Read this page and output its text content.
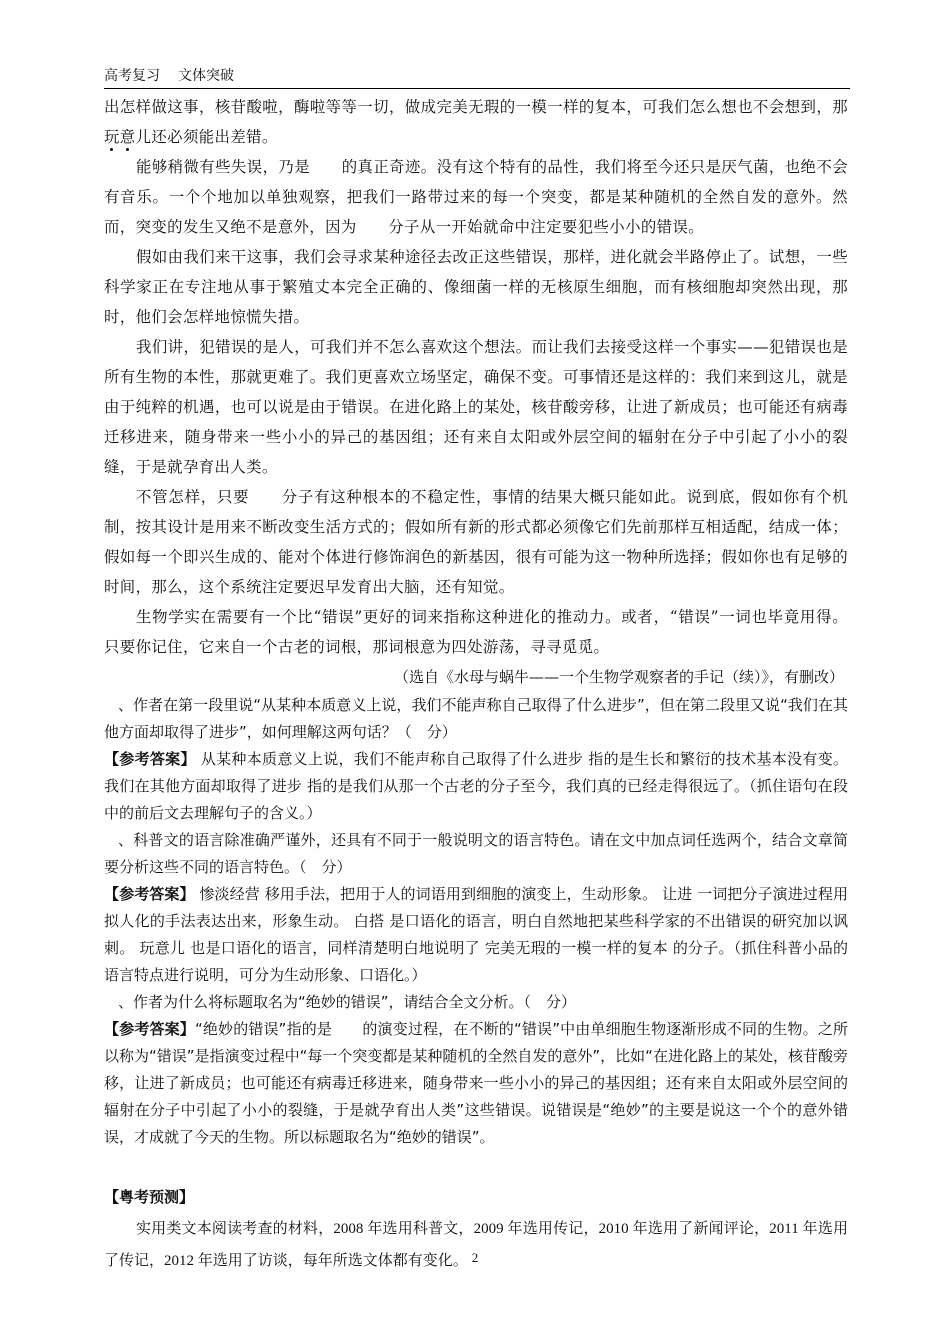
高考复习 文体突破

出怎样做这事，核苷酸啦，酶啦等等一切，做成完美无瑕的一模一样的复本，可我们怎么想也不会想到，那玩意儿还必须能出差错。

能够稍微有些失误，乃是　　的真正奇迹。没有这个特有的品性，我们将至今还只是厌气菌，也绝不会有音乐。一个个地加以单独观察，把我们一路带过来的每一个突变，都是某种随机的全然自发的意外。然而，突变的发生又绝不是意外，因为　　分子从一开始就命中注定要犯些小小的错误。

假如由我们来干这事，我们会寻求某种途径去改正这些错误，那样，进化就会半路停止了。试想，一些科学家正在专注地从事于繁殖丈本完全正确的、像细菌一样的无核原生细胞，而有核细胞却突然出现，那时，他们会怎样地惊慌失措。

我们讲，犯错误的是人，可我们并不怎么喜欢这个想法。而让我们去接受这样一个事实——犯错误也是所有生物的本性，那就更难了。我们更喜欢立场坚定，确保不变。可事情还是这样的：我们来到这儿，就是由于纯粹的机遇，也可以说是由于错误。在进化路上的某处，核苷酸旁移，让进了新成员；也可能还有病毒迁移进来，随身带来一些小小的异己的基因组；还有来自太阳或外层空间的辐射在分子中引起了小小的裂缝，于是就孕育出人类。

不管怎样，只要　　分子有这种根本的不稳定性，事情的结果大概只能如此。说到底，假如你有个机制，按其设计是用来不断改变生活方式的；假如所有新的形式都必须像它们先前那样互相适配，结成一体；假如每一个即兴生成的、能对个体进行修饰润色的新基因，很有可能为这一物种所选择；假如你也有足够的时间，那么，这个系统注定要迟早发育出大脑，还有知觉。

生物学实在需要有一个比“错误”更好的词来指称这种进化的推动力。或者，“错误”一词也毕竟用得。只要你记住，它来自一个古老的词根，那词根意为四处游荡，寻寻觅觅。

（选自《水母与蜗牛——一个生物学观察者的手记（续）》，有删改）

、作者在第一段里说“从某种本质意义上说，我们不能声称自己取得了什么进步”，但在第二段里又说“我们在其他方面却取得了进步”，如何理解这两句话？（　分）

【参考答案】 从某种本质意义上说，我们不能声称自己取得了什么进步 指的是生长和繁衍的技术基本没有变。 我们在其他方面却取得了进步 指的是我们从那一个古老的分子至今，我们真的已经走得很远了。（抓住语句在段中的前后文去理解句子的含义。）

、科普文的语言除准确严谨外，还具有不同于一般说明文的语言特色。请在文中加点词任选两个，结合文章简要分析这些不同的语言特色。（　分）

【参考答案】 惨淡经营 移用手法，把用于人的词语用到细胞的演变上，生动形象。 让进 一词把分子演进过程用拟人化的手法表达出来，形象生动。 白搭 是口语化的语言，明白自然地把某些科学家的不出错误的研究加以讽刺。 玩意儿 也是口语化的语言，同样清楚明白地说明了 完美无瑕的一模一样的复本 的分子。（抓住科普小品的语言特点进行说明，可分为生动形象、口语化。）

、作者为什么将标题取名为“绝妙的错误”，请结合全文分析。（　分）

【参考答案】“绝妙的错误”指的是　　的演变过程，在不断的“错误”中由单细胞生物逐渐形成不同的生物。之所以称为“错误”是指演变过程中“每一个突变都是某种随机的全然自发的意外”，比如“在进化路上的某处，核苷酸旁移，让进了新成员；也可能还有病毒迁移进来，随身带来一些小小的异己的基因组；还有来自太阳或外层空间的辐射在分子中引起了小小的裂缝，于是就孕育出人类”这些错误。说错误是“绝妙”的主要是说这一个个的意外错误，才成就了今天的生物。所以标题取名为“绝妙的错误”。

【粤考预测】

实用类文本阅读考查的材料，2008 年选用科普文，2009 年选用传记，2010 年选用了新闻评论，2011 年选用了传记，2012 年选用了访谈，每年所选文体都有变化。 2
